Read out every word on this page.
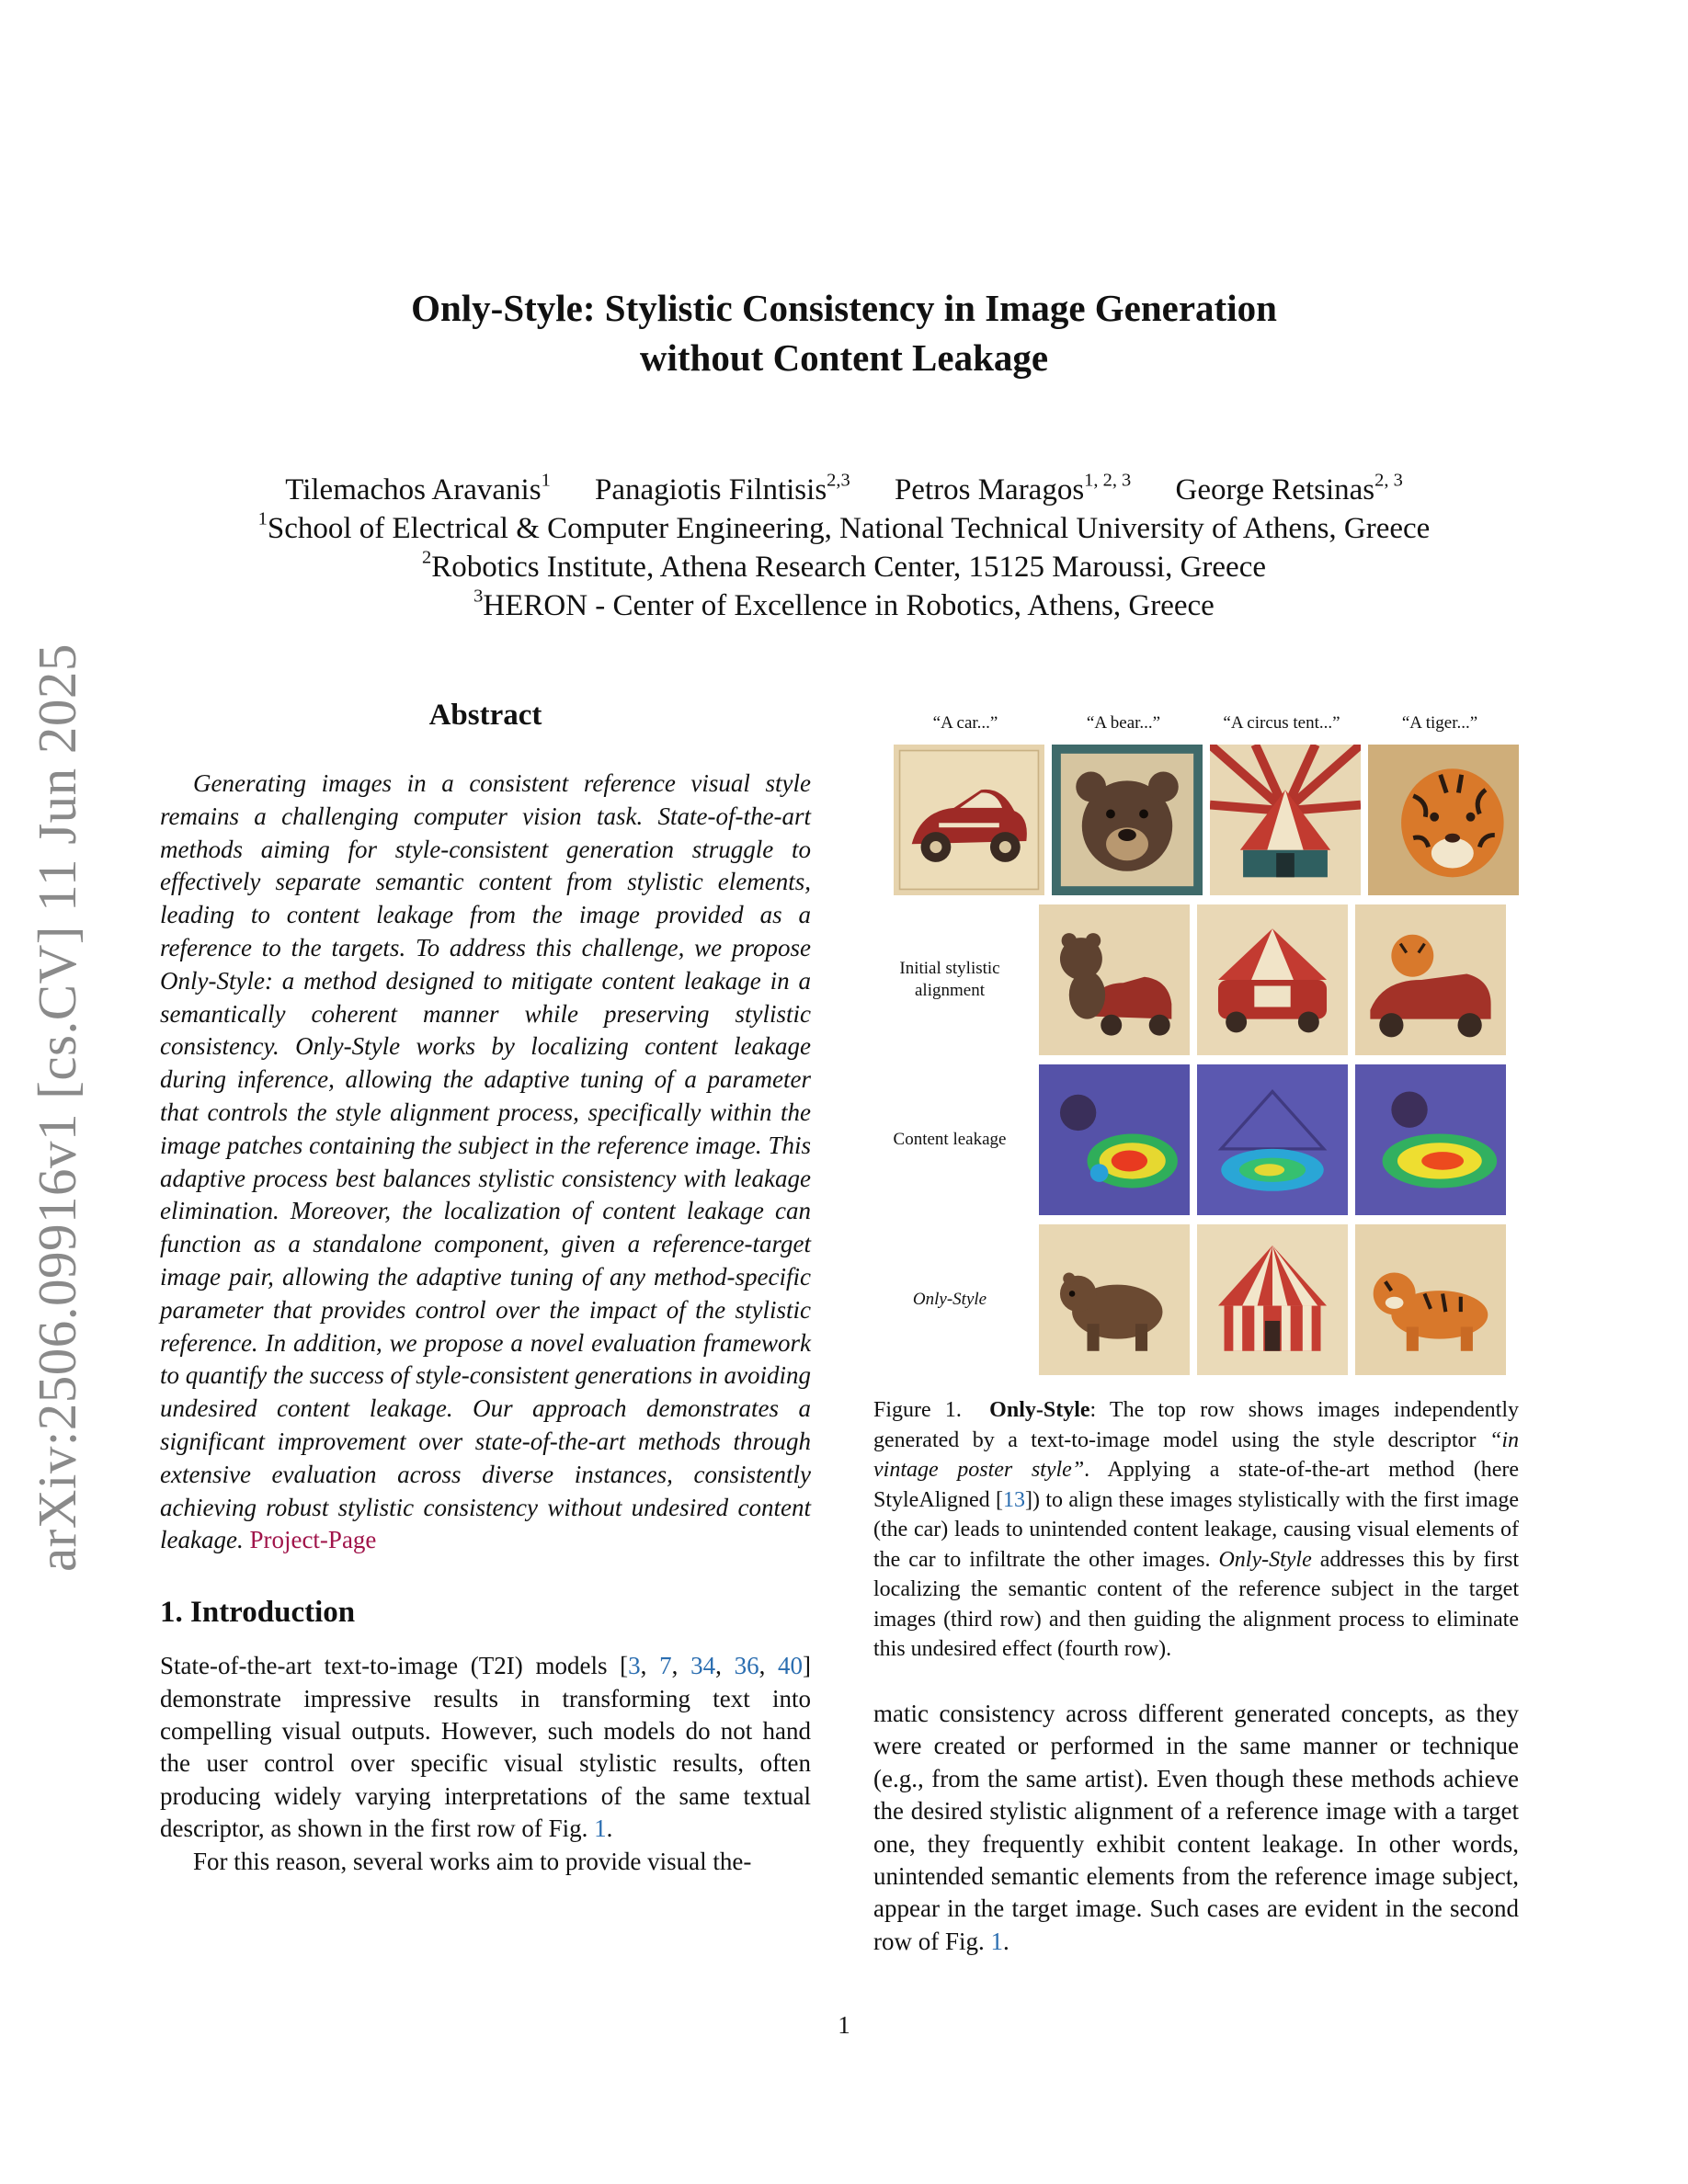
arXiv:2506.09916v1 [cs.CV] 11 Jun 2025
Only-Style: Stylistic Consistency in Image Generation
without Content Leakage
Tilemachos Aravanis$^1$ Panagiotis Filntisis$^{2,3}$ Petros Maragos$^{1, 2, 3}$ George Retsinas$^{2, 3}$
$^1$School of Electrical & Computer Engineering, National Technical University of Athens, Greece
$^2$Robotics Institute, Athena Research Center, 15125 Maroussi, Greece
$^3$HERON - Center of Excellence in Robotics, Athens, Greece
Abstract

Generating images in a consistent reference visual style remains a challenging computer vision task. State-of-the-art methods aiming for style-consistent generation struggle to effectively separate semantic content from stylistic elements, leading to content leakage from the image provided as a reference to the targets. To address this challenge, we propose Only-Style: a method designed to mitigate content leakage in a semantically coherent manner while preserving stylistic consistency. Only-Style works by localizing content leakage during inference, allowing the adaptive tuning of a parameter that controls the style alignment process, specifically within the image patches containing the subject in the reference image. This adaptive process best balances stylistic consistency with leakage elimination. Moreover, the localization of content leakage can function as a standalone component, given a reference-target image pair, allowing the adaptive tuning of any method-specific parameter that provides control over the impact of the stylistic reference. In addition, we propose a novel evaluation framework to quantify the success of style-consistent generations in avoiding undesired content leakage. Our approach demonstrates a significant improvement over state-of-the-art methods through extensive evaluation across diverse instances, consistently achieving robust stylistic consistency without undesired content leakage. Project-Page

1. Introduction

State-of-the-art text-to-image (T2I) models [3, 7, 34, 36, 40] demonstrate impressive results in transforming text into compelling visual outputs. However, such models do not hand the user control over specific visual stylistic results, often producing widely varying interpretations of the same textual descriptor, as shown in the first row of Fig. 1.

For this reason, several works aim to provide visual the-

“A car...”	“A bear...”	“A circus tent...”	“A tiger...”
Initial stylistic alignment
Content leakage
Only-Style
Figure 1. Only-Style: The top row shows images independently generated by a text-to-image model using the style descriptor “in vintage poster style”. Applying a state-of-the-art method (here StyleAligned [13]) to align these images stylistically with the first image (the car) leads to unintended content leakage, causing visual elements of the car to infiltrate the other images. Only-Style addresses this by first localizing the semantic content of the reference subject in the target images (third row) and then guiding the alignment process to eliminate this undesired effect (fourth row).

matic consistency across different generated concepts, as they were created or performed in the same manner or technique (e.g., from the same artist). Even though these methods achieve the desired stylistic alignment of a reference image with a target one, they frequently exhibit content leakage. In other words, unintended semantic elements from the reference image subject, appear in the target image. Such cases are evident in the second row of Fig. 1.

1
